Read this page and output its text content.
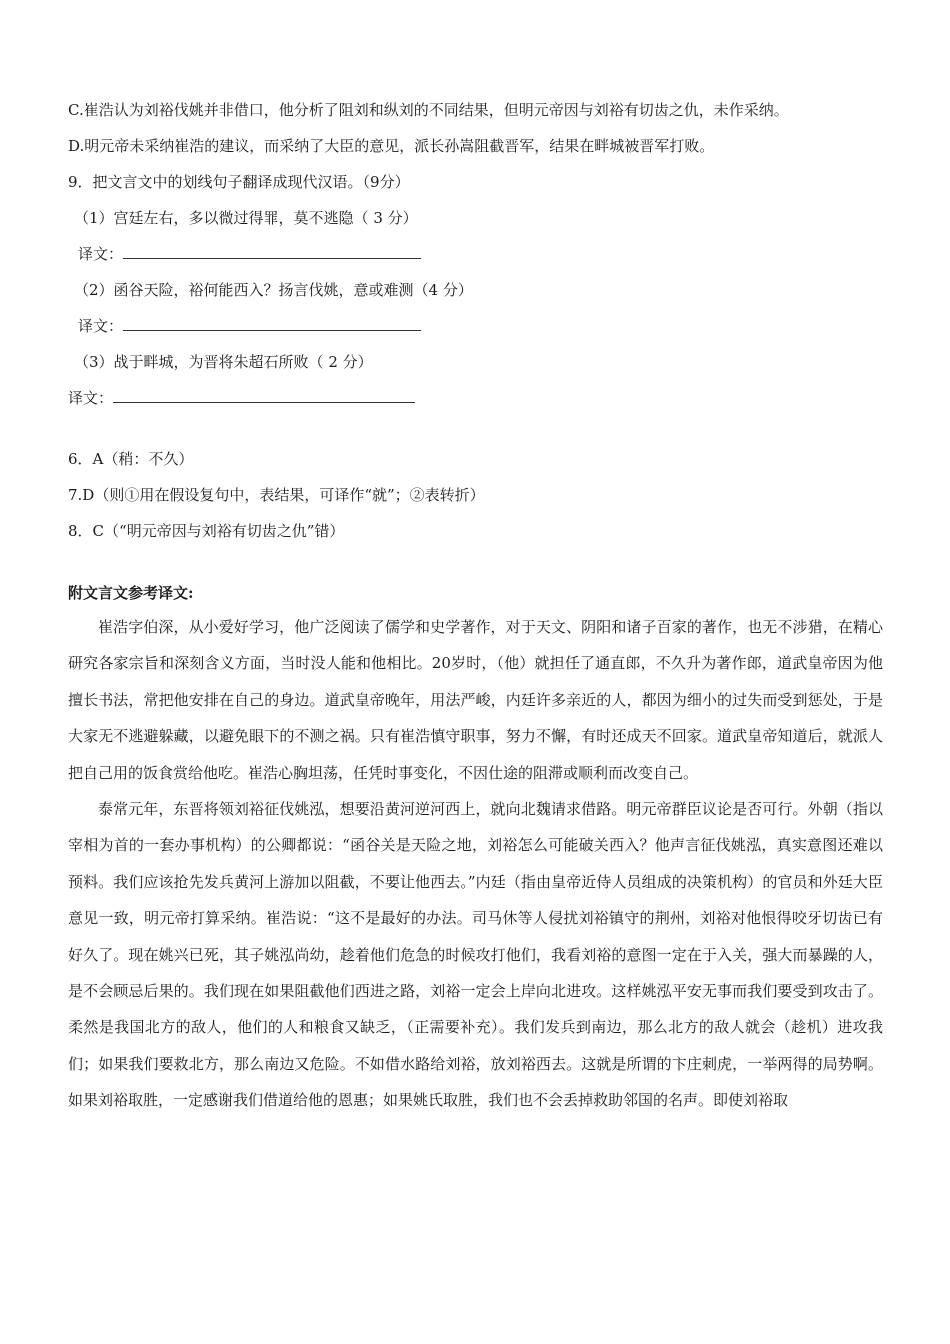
C.崔浩认为刘裕伐姚并非借口，他分析了阻刘和纵刘的不同结果，但明元帝因与刘裕有切齿之仇，未作采纳。
D.明元帝未采纳崔浩的建议，而采纳了大臣的意见，派长孙嵩阻截晋军，结果在畔城被晋军打败。
9．把文言文中的划线句子翻译成现代汉语。（9分）
（1）宫廷左右，多以微过得罪，莫不逃隐（ 3 分）
译文：
（2）函谷天险，裕何能西入？扬言伐姚，意或难测（4 分）
译文：
（3）战于畔城，为晋将朱超石所败（ 2 分）
译文：
6．A（稍：不久）
7.D（则①用在假设复句中，表结果，可译作“就”；②表转折）
8．C（“明元帝因与刘裕有切齿之仇”错）
附文言文参考译文:

崔浩字伯深，从小爱好学习，他广泛阅读了儒学和史学著作，对于天文、阴阳和诸子百家的著作，也无不涉猎，在精心研究各家宗旨和深刻含义方面，当时没人能和他相比。20岁时，（他）就担任了通直郎，不久升为著作郎，道武皇帝因为他擅长书法，常把他安排在自己的身边。道武皇帝晚年，用法严峻，内廷许多亲近的人，都因为细小的过失而受到惩处，于是大家无不逃避躲藏，以避免眼下的不测之祸。只有崔浩慎守职事，努力不懈，有时还成天不回家。道武皇帝知道后，就派人把自己用的饭食赏给他吃。崔浩心胸坦荡，任凭时事变化，不因仕途的阻滞或顺利而改变自己。

泰常元年，东晋将领刘裕征伐姚泓，想要沿黄河逆河西上，就向北魏请求借路。明元帝群臣议论是否可行。外朝（指以宰相为首的一套办事机构）的公卿都说：“函谷关是天险之地，刘裕怎么可能破关西入？他声言征伐姚泓，真实意图还难以预料。我们应该抢先发兵黄河上游加以阻截，不要让他西去。”内廷（指由皇帝近侍人员组成的决策机构）的官员和外廷大臣意见一致，明元帝打算采纳。崔浩说：“这不是最好的办法。司马休等人侵扰刘裕镇守的荆州，刘裕对他恨得咬牙切齿已有好久了。现在姚兴已死，其子姚泓尚幼，趁着他们危急的时候攻打他们，我看刘裕的意图一定在于入关，强大而暴躁的人，是不会顾忌后果的。我们现在如果阻截他们西进之路，刘裕一定会上岸向北进攻。这样姚泓平安无事而我们要受到攻击了。柔然是我国北方的敌人，他们的人和粮食又缺乏，（正需要补充）。我们发兵到南边，那么北方的敌人就会（趁机）进攻我们；如果我们要救北方，那么南边又危险。不如借水路给刘裕，放刘裕西去。这就是所谓的卞庄刺虎，一举两得的局势啊。如果刘裕取胜，一定感谢我们借道给他的恩惠；如果姚氏取胜，我们也不会丢掉救助邻国的名声。即使刘裕取
